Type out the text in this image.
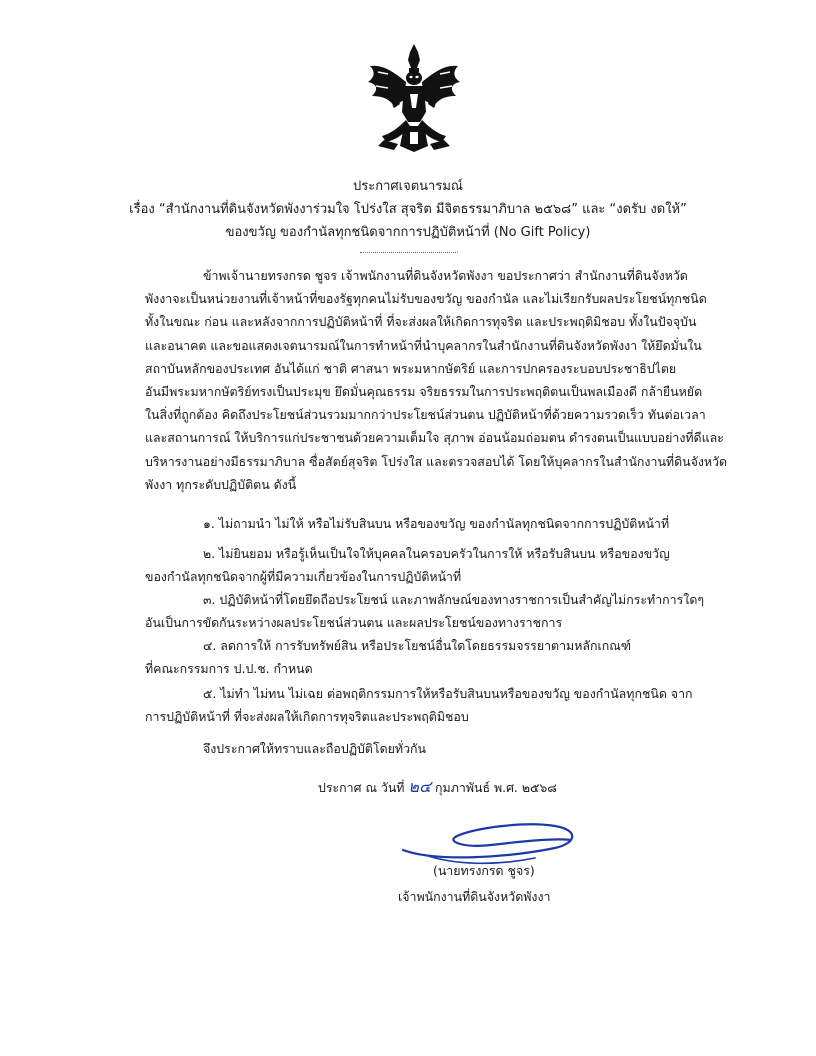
ประกาศเจตนารมณ์
เรื่อง “สำนักงานที่ดินจังหวัดพังงาร่วมใจ โปร่งใส สุจริต มีจิตธรรมาภิบาล ๒๕๖๘” และ “งดรับ งดให้”
ของขวัญ ของกำนัลทุกชนิดจากการปฏิบัติหน้าที่ (No Gift Policy)
ข้าพเจ้านายทรงกรด ชูจร เจ้าพนักงานที่ดินจังหวัดพังงา ขอประกาศว่า สำนักงานที่ดินจังหวัด
พังงาจะเป็นหน่วยงานที่เจ้าหน้าที่ของรัฐทุกคนไม่รับของขวัญ ของกำนัล และไม่เรียกรับผลประโยชน์ทุกชนิด
ทั้งในขณะ ก่อน และหลังจากการปฏิบัติหน้าที่ ที่จะส่งผลให้เกิดการทุจริต และประพฤติมิชอบ ทั้งในปัจจุบัน
และอนาคต และขอแสดงเจตนารมณ์ในการทำหน้าที่นำบุคลากรในสำนักงานที่ดินจังหวัดพังงา ให้ยึดมั่นใน
สถาบันหลักของประเทศ อันได้แก่ ชาติ ศาสนา พระมหากษัตริย์ และการปกครองระบอบประชาธิปไตย
อันมีพระมหากษัตริย์ทรงเป็นประมุข ยึดมั่นคุณธรรม จริยธรรมในการประพฤติตนเป็นพลเมืองดี กล้ายืนหยัด
ในสิ่งที่ถูกต้อง คิดถึงประโยชน์ส่วนรวมมากกว่าประโยชน์ส่วนตน ปฏิบัติหน้าที่ด้วยความรวดเร็ว ทันต่อเวลา
และสถานการณ์ ให้บริการแก่ประชาชนด้วยความเต็มใจ สุภาพ อ่อนน้อมถ่อมตน ดำรงตนเป็นแบบอย่างที่ดีและ
บริหารงานอย่างมีธรรมาภิบาล ซื่อสัตย์สุจริต โปร่งใส และตรวจสอบได้ โดยให้บุคลากรในสำนักงานที่ดินจังหวัด
พังงา ทุกระดับปฏิบัติตน ดังนี้
๑. ไม่ถามนำ ไม่ให้ หรือไม่รับสินบน หรือของขวัญ ของกำนัลทุกชนิดจากการปฏิบัติหน้าที่
๒. ไม่ยินยอม หรือรู้เห็นเป็นใจให้บุคคลในครอบครัวในการให้ หรือรับสินบน หรือของขวัญ
ของกำนัลทุกชนิดจากผู้ที่มีความเกี่ยวข้องในการปฏิบัติหน้าที่
๓. ปฏิบัติหน้าที่โดยยึดถือประโยชน์ และภาพลักษณ์ของทางราชการเป็นสำคัญไม่กระทำการใดๆ
อันเป็นการขัดกันระหว่างผลประโยชน์ส่วนตน และผลประโยชน์ของทางราชการ
๔. ลดการให้ การรับทรัพย์สิน หรือประโยชน์อื่นใดโดยธรรมจรรยาตามหลักเกณฑ์
ที่คณะกรรมการ ป.ป.ช. กำหนด
๕. ไม่ทำ ไม่ทน ไม่เฉย ต่อพฤติกรรมการให้หรือรับสินบนหรือของขวัญ ของกำนัลทุกชนิด จาก
การปฏิบัติหน้าที่ ที่จะส่งผลให้เกิดการทุจริตและประพฤติมิชอบ
จึงประกาศให้ทราบและถือปฏิบัติโดยทั่วกัน
ประกาศ ณ วันที่ ๒๔ กุมภาพันธ์ พ.ศ. ๒๕๖๘
(นายทรงกรด ชูจร)
เจ้าพนักงานที่ดินจังหวัดพังงา
